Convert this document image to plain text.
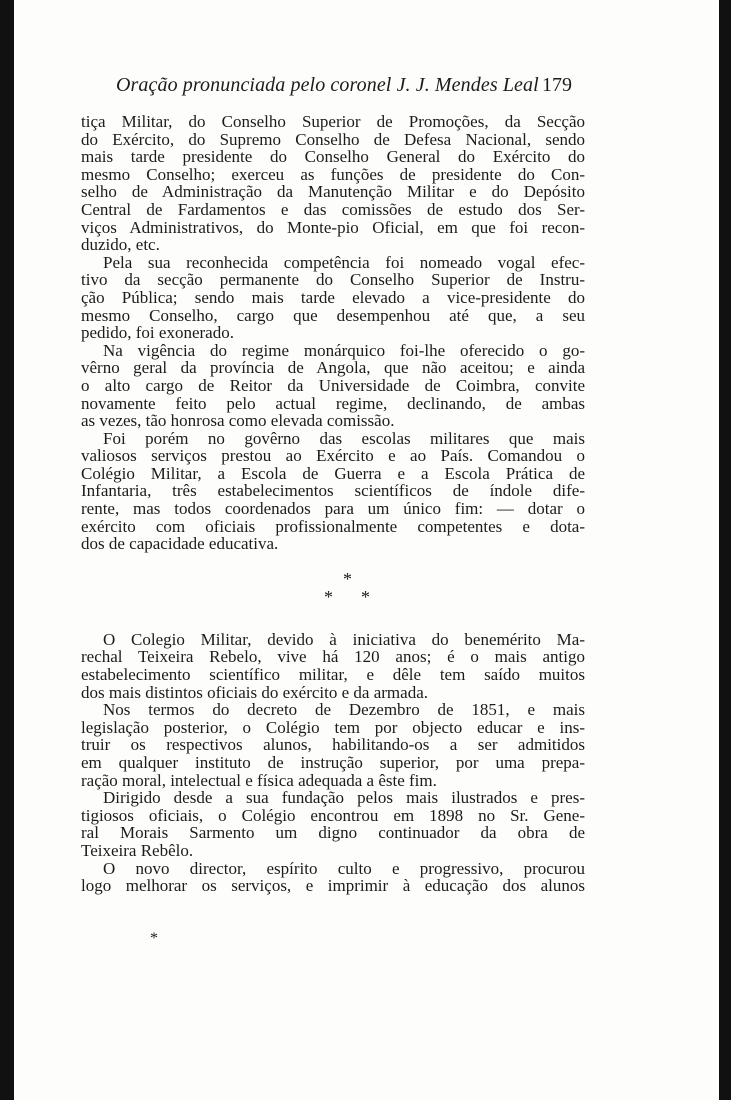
Oração pronunciada pelo coronel J. J. Mendes Leal 179
tiça Militar, do Conselho Superior de Promoções, da Secção
do Exército, do Supremo Conselho de Defesa Nacional, sendo
mais tarde presidente do Conselho General do Exército do
mesmo Conselho; exerceu as funções de presidente do Con-
selho de Administração da Manutenção Militar e do Depósito
Central de Fardamentos e das comissões de estudo dos Ser-
viços Administrativos, do Monte-pio Oficial, em que foi recon-
duzido, etc.
Pela sua reconhecida competência foi nomeado vogal efec-
tivo da secção permanente do Conselho Superior de Instru-
ção Pública; sendo mais tarde elevado a vice-presidente do
mesmo Conselho, cargo que desempenhou até que, a seu
pedido, foi exonerado.
Na vigência do regime monárquico foi-lhe oferecido o go-
vêrno geral da província de Angola, que não aceitou; e ainda
o alto cargo de Reitor da Universidade de Coimbra, convite
novamente feito pelo actual regime, declinando, de ambas
as vezes, tão honrosa como elevada comissão.
Foi porém no govêrno das escolas militares que mais
valiosos serviços prestou ao Exército e ao País. Comandou o
Colégio Militar, a Escola de Guerra e a Escola Prática de
Infantaria, três estabelecimentos scientíficos de índole dife-
rente, mas todos coordenados para um único fim: — dotar o
exército com oficiais profissionalmente competentes e dota-
dos de capacidade educativa.
*
* *
O Colegio Militar, devido à iniciativa do benemérito Ma-
rechal Teixeira Rebelo, vive há 120 anos; é o mais antigo
estabelecimento scientífico militar, e dêle tem saído muitos
dos mais distintos oficiais do exército e da armada.
Nos termos do decreto de Dezembro de 1851, e mais
legislação posterior, o Colégio tem por objecto educar e ins-
truir os respectivos alunos, habilitando-os a ser admitidos
em qualquer instituto de instrução superior, por uma prepa-
ração moral, intelectual e física adequada a êste fim.
Dirigido desde a sua fundação pelos mais ilustrados e pres-
tigiosos oficiais, o Colégio encontrou em 1898 no Sr. Gene-
ral Morais Sarmento um digno continuador da obra de
Teixeira Rebêlo.
O novo director, espírito culto e progressivo, procurou
logo melhorar os serviços, e imprimir à educação dos alunos
*
